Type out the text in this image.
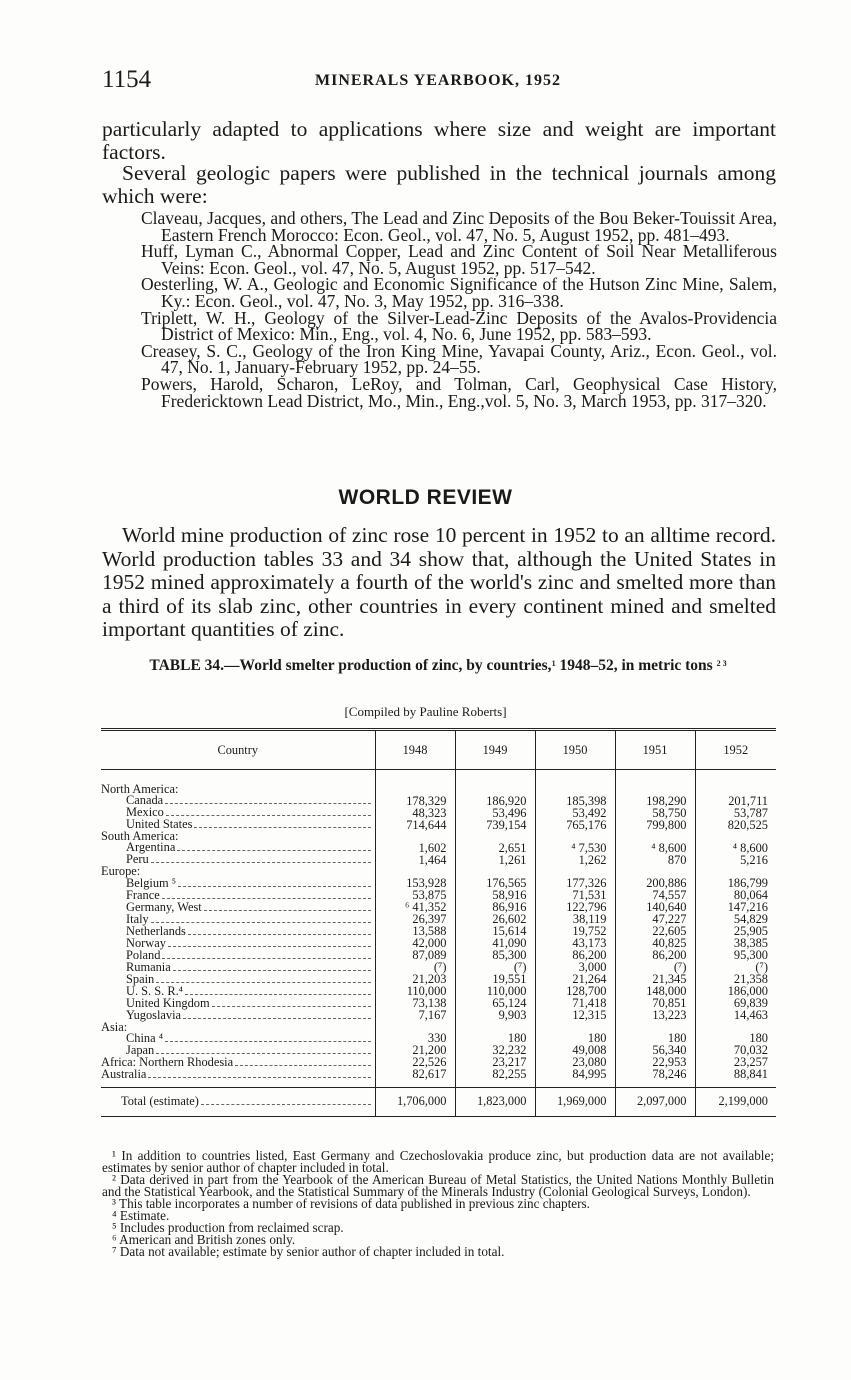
1154	MINERALS YEARBOOK, 1952
particularly adapted to applications where size and weight are important factors.
Several geologic papers were published in the technical journals among which were:
Claveau, Jacques, and others, The Lead and Zinc Deposits of the Bou Beker-Touissit Area, Eastern French Morocco: Econ. Geol., vol. 47, No. 5, August 1952, pp. 481–493.
Huff, Lyman C., Abnormal Copper, Lead and Zinc Content of Soil Near Metalliferous Veins: Econ. Geol., vol. 47, No. 5, August 1952, pp. 517–542.
Oesterling, W. A., Geologic and Economic Significance of the Hutson Zinc Mine, Salem, Ky.: Econ. Geol., vol. 47, No. 3, May 1952, pp. 316–338.
Triplett, W. H., Geology of the Silver-Lead-Zinc Deposits of the Avalos-Providencia District of Mexico: Min., Eng., vol. 4, No. 6, June 1952, pp. 583–593.
Creasey, S. C., Geology of the Iron King Mine, Yavapai County, Ariz., Econ. Geol., vol. 47, No. 1, January-February 1952, pp. 24–55.
Powers, Harold, Scharon, LeRoy, and Tolman, Carl, Geophysical Case History, Fredericktown Lead District, Mo., Min., Eng.,vol. 5, No. 3, March 1953, pp. 317–320.
WORLD REVIEW
World mine production of zinc rose 10 percent in 1952 to an alltime record. World production tables 33 and 34 show that, although the United States in 1952 mined approximately a fourth of the world's zinc and smelted more than a third of its slab zinc, other countries in every continent mined and smelted important quantities of zinc.
TABLE 34.—World smelter production of zinc, by countries,$^1$ 1948–52, in metric tons $^{2 3}$
[Compiled by Pauline Roberts]
Country	1948	1949	1950	1951	1952

North America:					

Canada	178,329	186,920	185,398	198,290	201,711

Mexico	48,323	53,496	53,492	58,750	53,787

United States	714,644	739,154	765,176	799,800	820,525

South America:					

Argentina	1,602	2,651	⁴ 7,530	⁴ 8,600	⁴ 8,600

Peru	1,464	1,261	1,262	870	5,216

Europe:					

Belgium ⁵	153,928	176,565	177,326	200,886	186,799

France	53,875	58,916	71,531	74,557	80,064

Germany, West	⁶ 41,352	86,916	122,796	140,640	147,216

Italy	26,397	26,602	38,119	47,227	54,829

Netherlands	13,588	15,614	19,752	22,605	25,905

Norway	42,000	41,090	43,173	40,825	38,385

Poland	87,089	85,300	86,200	86,200	95,300

Rumania	(⁷)	(⁷)	3,000	(⁷)	(⁷)

Spain	21,203	19,551	21,264	21,345	21,358

U. S. S. R.⁴	110,000	110,000	128,700	148,000	186,000

United Kingdom	73,138	65,124	71,418	70,851	69,839

Yugoslavia	7,167	9,903	12,315	13,223	14,463

Asia:					

China ⁴	330	180	180	180	180

Japan	21,200	32,232	49,008	56,340	70,032

Africa: Northern Rhodesia	22,526	23,217	23,080	22,953	23,257

Australia	82,617	82,255	84,995	78,246	88,841

Total (estimate)	1,706,000	1,823,000	1,969,000	2,097,000	2,199,000
¹ In addition to countries listed, East Germany and Czechoslovakia produce zinc, but production data are not available; estimates by senior author of chapter included in total.
² Data derived in part from the Yearbook of the American Bureau of Metal Statistics, the United Nations Monthly Bulletin and the Statistical Yearbook, and the Statistical Summary of the Minerals Industry (Colonial Geological Surveys, London).
³ This table incorporates a number of revisions of data published in previous zinc chapters.
⁴ Estimate.
⁵ Includes production from reclaimed scrap.
⁶ American and British zones only.
⁷ Data not available; estimate by senior author of chapter included in total.
